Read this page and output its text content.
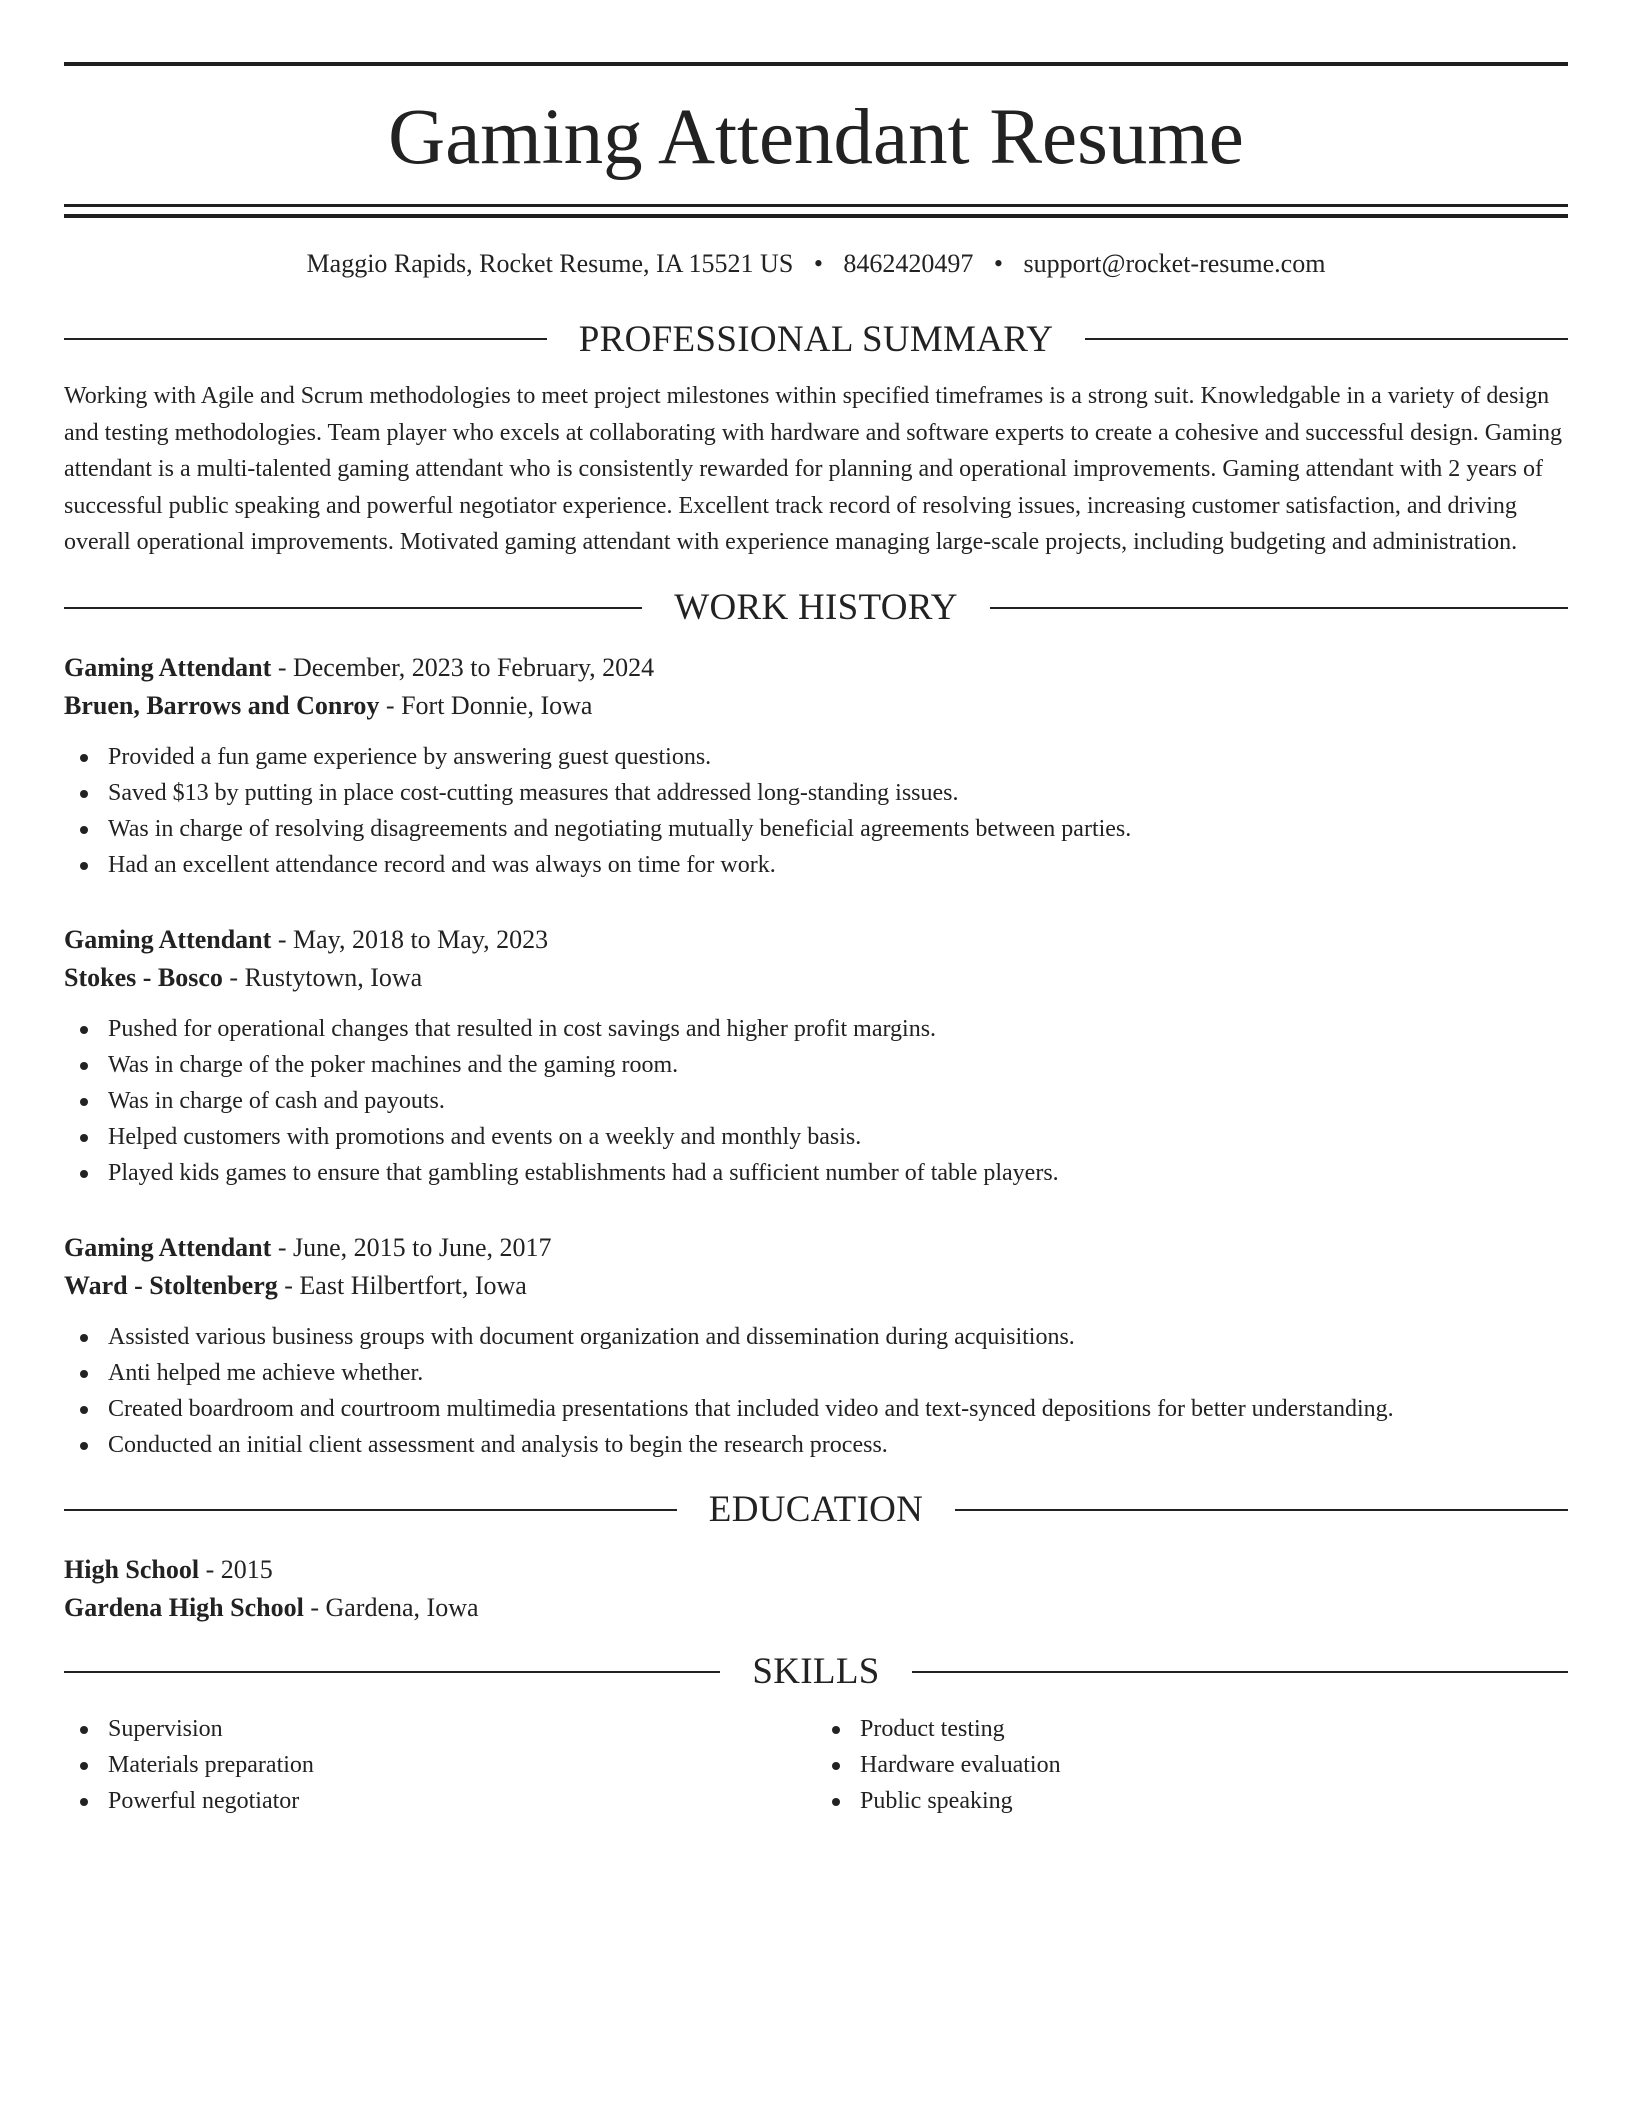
Gaming Attendant Resume
Maggio Rapids, Rocket Resume, IA 15521 US • 8462420497 • support@rocket-resume.com
PROFESSIONAL SUMMARY
Working with Agile and Scrum methodologies to meet project milestones within specified timeframes is a strong suit. Knowledgable in a variety of design and testing methodologies. Team player who excels at collaborating with hardware and software experts to create a cohesive and successful design. Gaming attendant is a multi-talented gaming attendant who is consistently rewarded for planning and operational improvements. Gaming attendant with 2 years of successful public speaking and powerful negotiator experience. Excellent track record of resolving issues, increasing customer satisfaction, and driving overall operational improvements. Motivated gaming attendant with experience managing large-scale projects, including budgeting and administration.
WORK HISTORY
Gaming Attendant - December, 2023 to February, 2024
Bruen, Barrows and Conroy - Fort Donnie, Iowa
Provided a fun game experience by answering guest questions.
Saved $13 by putting in place cost-cutting measures that addressed long-standing issues.
Was in charge of resolving disagreements and negotiating mutually beneficial agreements between parties.
Had an excellent attendance record and was always on time for work.
Gaming Attendant - May, 2018 to May, 2023
Stokes - Bosco - Rustytown, Iowa
Pushed for operational changes that resulted in cost savings and higher profit margins.
Was in charge of the poker machines and the gaming room.
Was in charge of cash and payouts.
Helped customers with promotions and events on a weekly and monthly basis.
Played kids games to ensure that gambling establishments had a sufficient number of table players.
Gaming Attendant - June, 2015 to June, 2017
Ward - Stoltenberg - East Hilbertfort, Iowa
Assisted various business groups with document organization and dissemination during acquisitions.
Anti helped me achieve whether.
Created boardroom and courtroom multimedia presentations that included video and text-synced depositions for better understanding.
Conducted an initial client assessment and analysis to begin the research process.
EDUCATION
High School - 2015
Gardena High School - Gardena, Iowa
SKILLS
Supervision
Materials preparation
Powerful negotiator
Product testing
Hardware evaluation
Public speaking
